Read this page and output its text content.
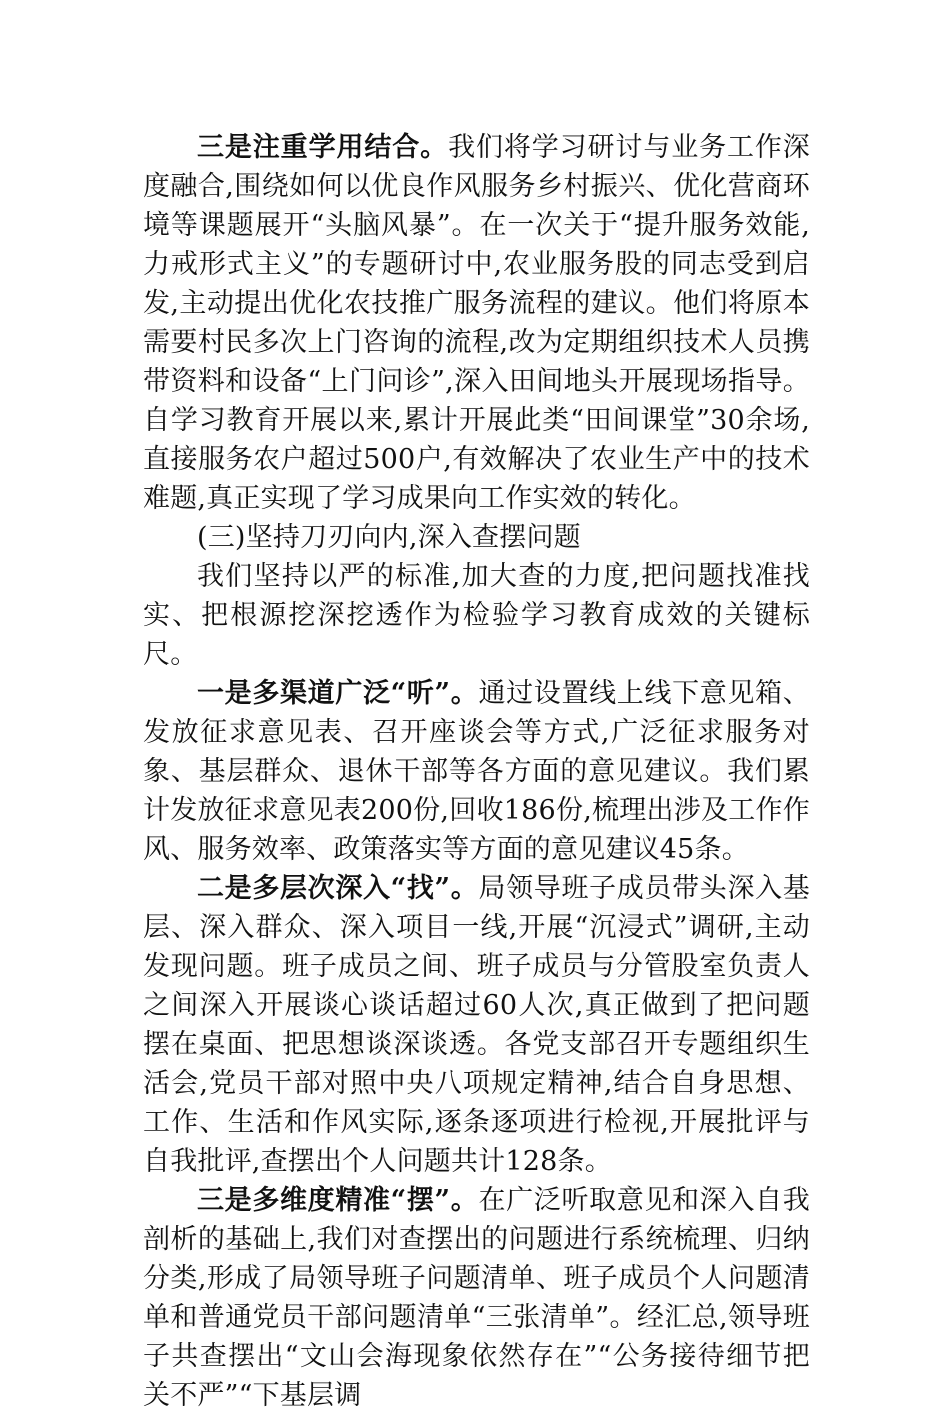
三是注重学用结合。我们将学习研讨与业务工作深度融合,围绕如何以优良作风服务乡村振兴、优化营商环境等课题展开“头脑风暴”。在一次关于“提升服务效能,力戒形式主义”的专题研讨中,农业服务股的同志受到启发,主动提出优化农技推广服务流程的建议。他们将原本需要村民多次上门咨询的流程,改为定期组织技术人员携带资料和设备“上门问诊”,深入田间地头开展现场指导。自学习教育开展以来,累计开展此类“田间课堂”30余场,直接服务农户超过500户,有效解决了农业生产中的技术难题,真正实现了学习成果向工作实效的转化。

(三)坚持刀刃向内,深入查摆问题

我们坚持以严的标准,加大查的力度,把问题找准找实、把根源挖深挖透作为检验学习教育成效的关键标尺。

一是多渠道广泛“听”。通过设置线上线下意见箱、发放征求意见表、召开座谈会等方式,广泛征求服务对象、基层群众、退休干部等各方面的意见建议。我们累计发放征求意见表200份,回收186份,梳理出涉及工作作风、服务效率、政策落实等方面的意见建议45条。

二是多层次深入“找”。局领导班子成员带头深入基层、深入群众、深入项目一线,开展“沉浸式”调研,主动发现问题。班子成员之间、班子成员与分管股室负责人之间深入开展谈心谈话超过60人次,真正做到了把问题摆在桌面、把思想谈深谈透。各党支部召开专题组织生活会,党员干部对照中央八项规定精神,结合自身思想、工作、生活和作风实际,逐条逐项进行检视,开展批评与自我批评,查摆出个人问题共计128条。

三是多维度精准“摆”。在广泛听取意见和深入自我剖析的基础上,我们对查摆出的问题进行系统梳理、归纳分类,形成了局领导班子问题清单、班子成员个人问题清单和普通党员干部问题清单“三张清单”。经汇总,领导班子共查摆出“文山会海现象依然存在”“公务接待细节把关不严”“下基层调
